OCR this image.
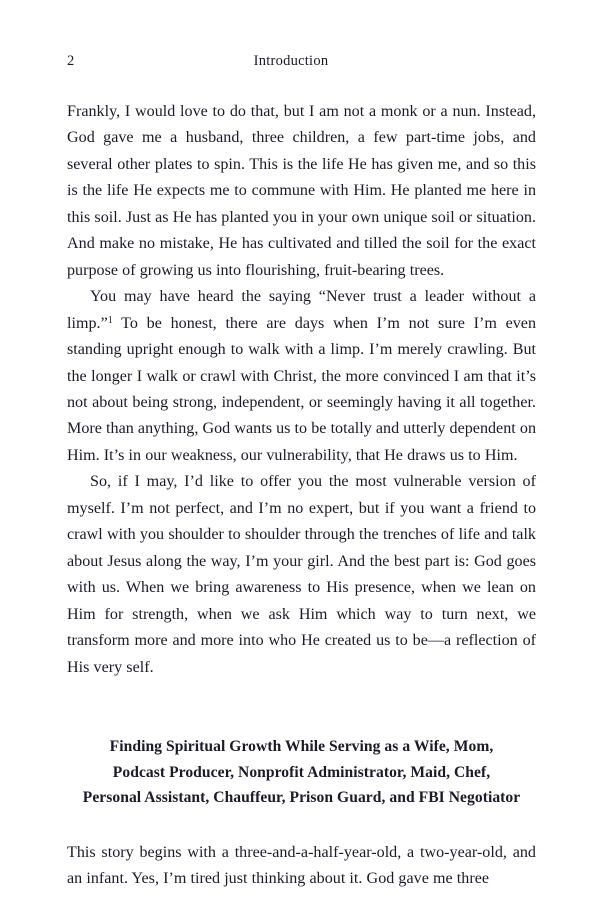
2	Introduction

Frankly, I would love to do that, but I am not a monk or a nun. Instead, God gave me a husband, three children, a few part-time jobs, and several other plates to spin. This is the life He has given me, and so this is the life He expects me to commune with Him. He planted me here in this soil. Just as He has planted you in your own unique soil or situation. And make no mistake, He has cultivated and tilled the soil for the exact purpose of growing us into flourishing, fruit-bearing trees.

You may have heard the saying “Never trust a leader without a limp.”$^1$ To be honest, there are days when I’m not sure I’m even standing upright enough to walk with a limp. I’m merely crawling. But the longer I walk or crawl with Christ, the more convinced I am that it’s not about being strong, independent, or seemingly having it all together. More than anything, God wants us to be totally and utterly dependent on Him. It’s in our weakness, our vulnerability, that He draws us to Him.

So, if I may, I’d like to offer you the most vulnerable version of myself. I’m not perfect, and I’m no expert, but if you want a friend to crawl with you shoulder to shoulder through the trenches of life and talk about Jesus along the way, I’m your girl. And the best part is: God goes with us. When we bring awareness to His presence, when we lean on Him for strength, when we ask Him which way to turn next, we transform more and more into who He created us to be—a reflection of His very self.

Finding Spiritual Growth While Serving as a Wife, Mom,
Podcast Producer, Nonprofit Administrator, Maid, Chef,
Personal Assistant, Chauffeur, Prison Guard, and FBI Negotiator

This story begins with a three-and-a-half-year-old, a two-year-old, and an infant. Yes, I’m tired just thinking about it. God gave me three
